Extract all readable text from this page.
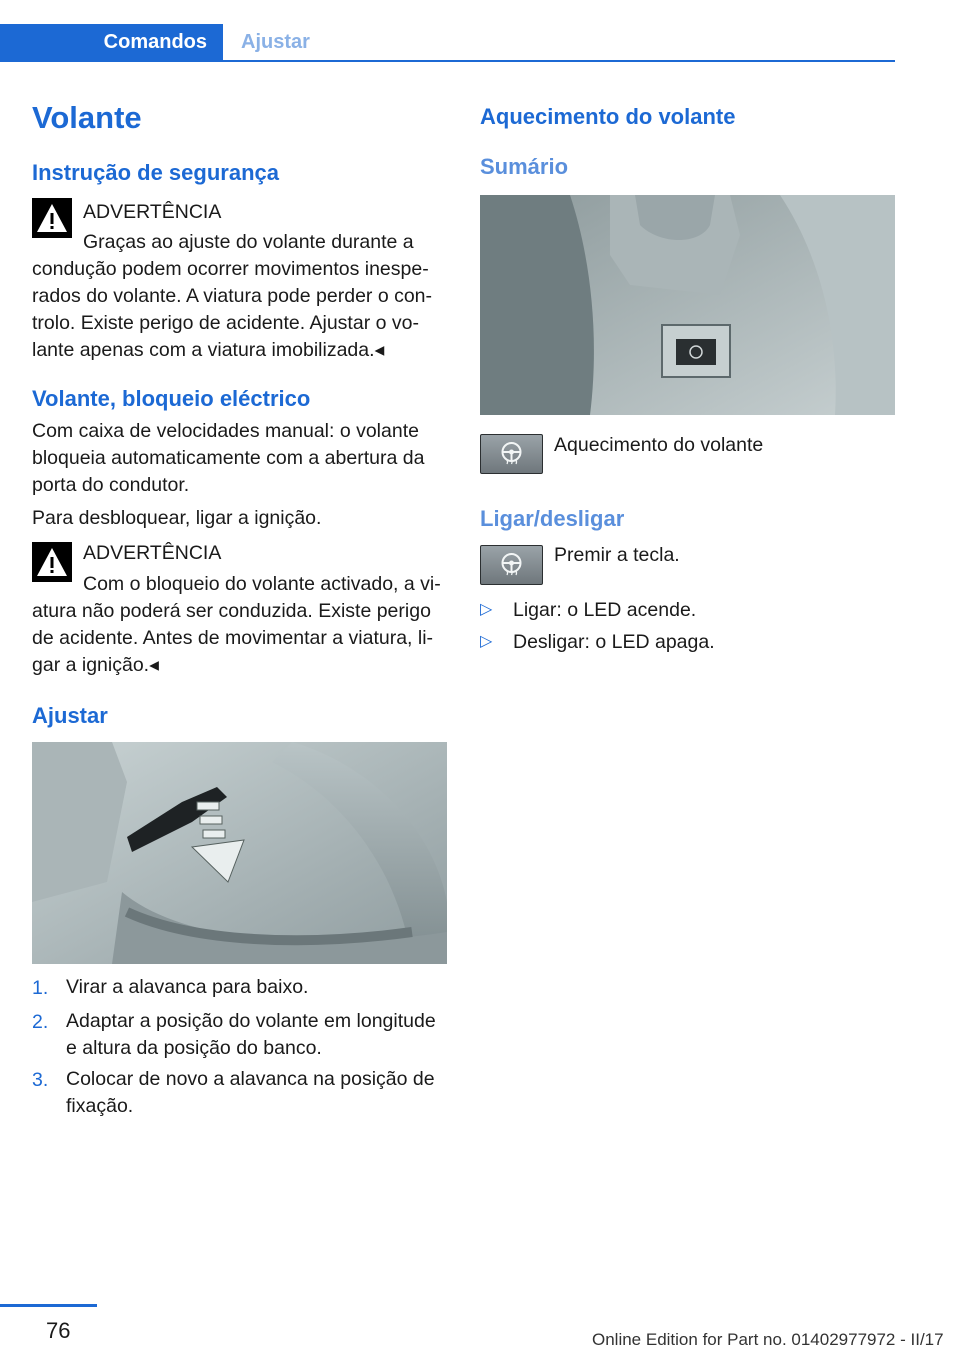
Comandos	Ajustar
Volante
Instrução de segurança
ADVERTÊNCIA
Graças ao ajuste do volante durante a
condução podem ocorrer movimentos inespe-
rados do volante. A viatura pode perder o con-
trolo. Existe perigo de acidente. Ajustar o vo-
lante apenas com a viatura imobilizada.◂
Volante, bloqueio eléctrico
Com caixa de velocidades manual: o volante
bloqueia automaticamente com a abertura da
porta do condutor.
Para desbloquear, ligar a ignição.
ADVERTÊNCIA
Com o bloqueio do volante activado, a vi-
atura não poderá ser conduzida. Existe perigo
de acidente. Antes de movimentar a viatura, li-
gar a ignição.◂
Ajustar
1. Virar a alavanca para baixo.
2. Adaptar a posição do volante em longitude
e altura da posição do banco.
3. Colocar de novo a alavanca na posição de
fixação.
Aquecimento do volante
Sumário
Aquecimento do volante
Ligar/desligar
Premir a tecla.
▷ Ligar: o LED acende.
▷ Desligar: o LED apaga.
76	Online Edition for Part no. 01402977972 - II/17
